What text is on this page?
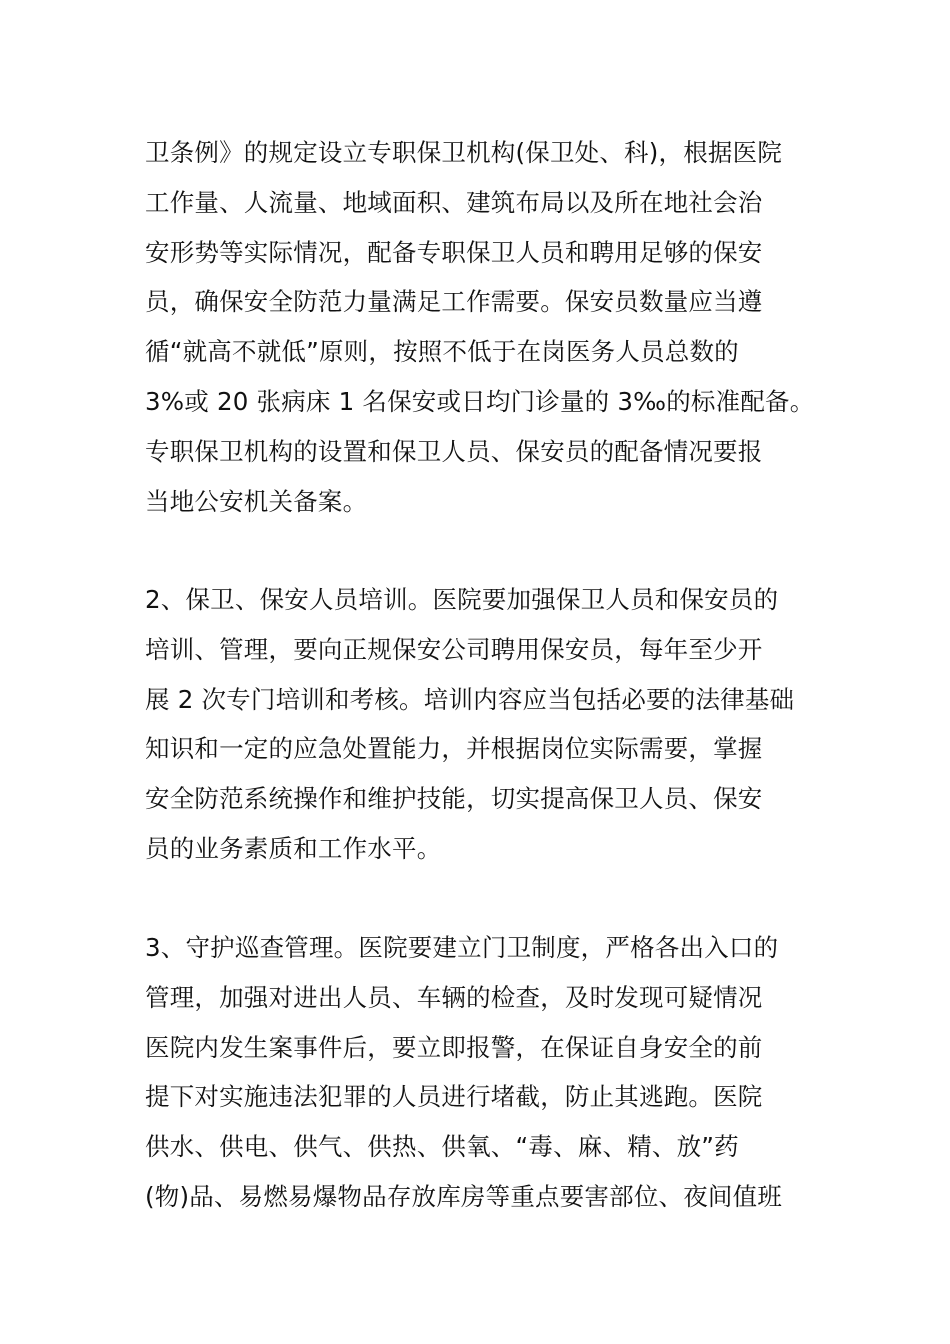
卫条例》的规定设立专职保卫机构(保卫处、科)，根据医院
工作量、人流量、地域面积、建筑布局以及所在地社会治
安形势等实际情况，配备专职保卫人员和聘用足够的保安
员，确保安全防范力量满足工作需要。保安员数量应当遵
循“就高不就低”原则，按照不低于在岗医务人员总数的
3%或 20 张病床 1 名保安或日均门诊量的 3‰的标准配备。
专职保卫机构的设置和保卫人员、保安员的配备情况要报
当地公安机关备案。
2、保卫、保安人员培训。医院要加强保卫人员和保安员的
培训、管理，要向正规保安公司聘用保安员，每年至少开
展 2 次专门培训和考核。培训内容应当包括必要的法律基础
知识和一定的应急处置能力，并根据岗位实际需要，掌握
安全防范系统操作和维护技能，切实提高保卫人员、保安
员的业务素质和工作水平。
3、守护巡查管理。医院要建立门卫制度，严格各出入口的
管理，加强对进出人员、车辆的检查，及时发现可疑情况
医院内发生案事件后，要立即报警，在保证自身安全的前
提下对实施违法犯罪的人员进行堵截，防止其逃跑。医院
供水、供电、供气、供热、供氧、“毒、麻、精、放”药
(物)品、易燃易爆物品存放库房等重点要害部位、夜间值班
